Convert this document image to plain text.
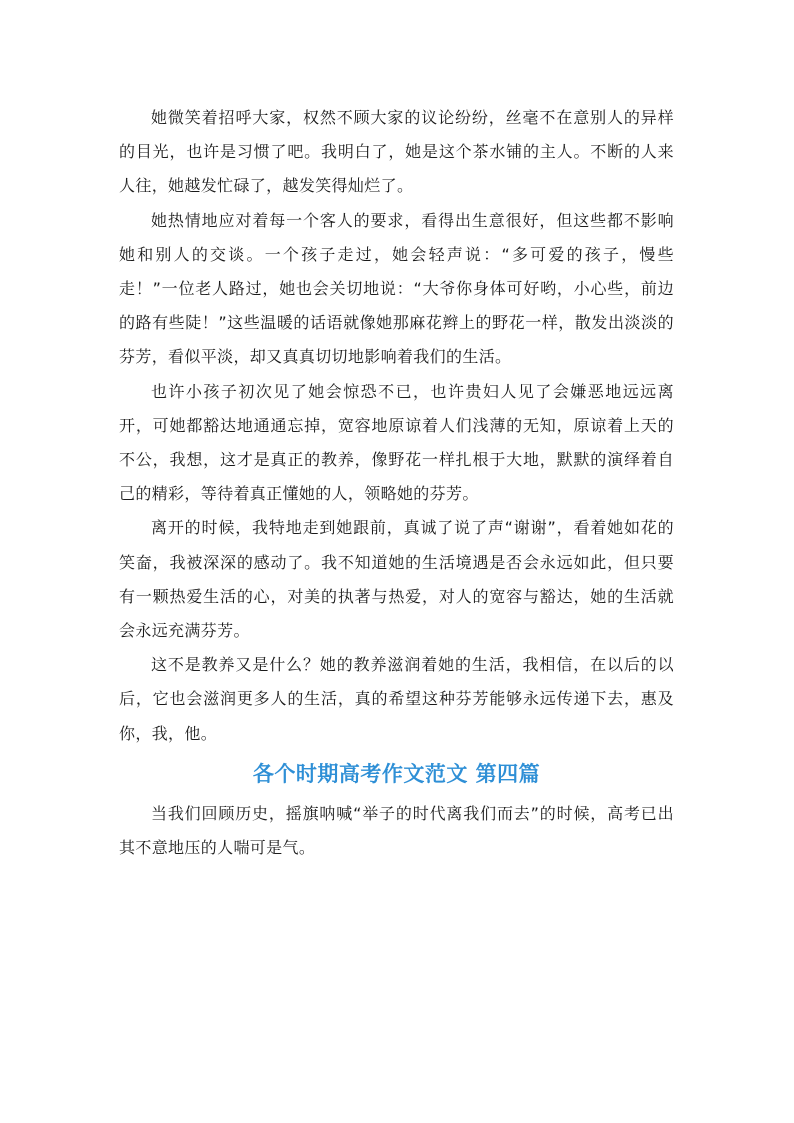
她微笑着招呼大家，权然不顾大家的议论纷纷，丝毫不在意别人的异样的目光，也许是习惯了吧。我明白了，她是这个茶水铺的主人。不断的人来人往，她越发忙碌了，越发笑得灿烂了。

她热情地应对着每一个客人的要求，看得出生意很好，但这些都不影响她和别人的交谈。一个孩子走过，她会轻声说：“多可爱的孩子，慢些走！”一位老人路过，她也会关切地说：“大爷你身体可好哟，小心些，前边的路有些陡！”这些温暖的话语就像她那麻花辫上的野花一样，散发出淡淡的芬芳，看似平淡，却又真真切切地影响着我们的生活。

也许小孩子初次见了她会惊恐不已，也许贵妇人见了会嫌恶地远远离开，可她都豁达地通通忘掉，宽容地原谅着人们浅薄的无知，原谅着上天的不公，我想，这才是真正的教养，像野花一样扎根于大地，默默的演绎着自己的精彩，等待着真正懂她的人，领略她的芬芳。

离开的时候，我特地走到她跟前，真诚了说了声“谢谢”，看着她如花的笑奤，我被深深的感动了。我不知道她的生活境遇是否会永远如此，但只要有一颗热爱生活的心，对美的执著与热爱，对人的宽容与豁达，她的生活就会永远充满芬芳。

这不是教养又是什么？她的教养滋润着她的生活，我相信，在以后的以后，它也会滋润更多人的生活，真的希望这种芬芳能够永远传递下去，惠及你，我，他。

各个时期高考作文范文 第四篇

当我们回顾历史，摇旗呐喊“举子的时代离我们而去”的时候，高考已出其不意地压的人喘可是气。
